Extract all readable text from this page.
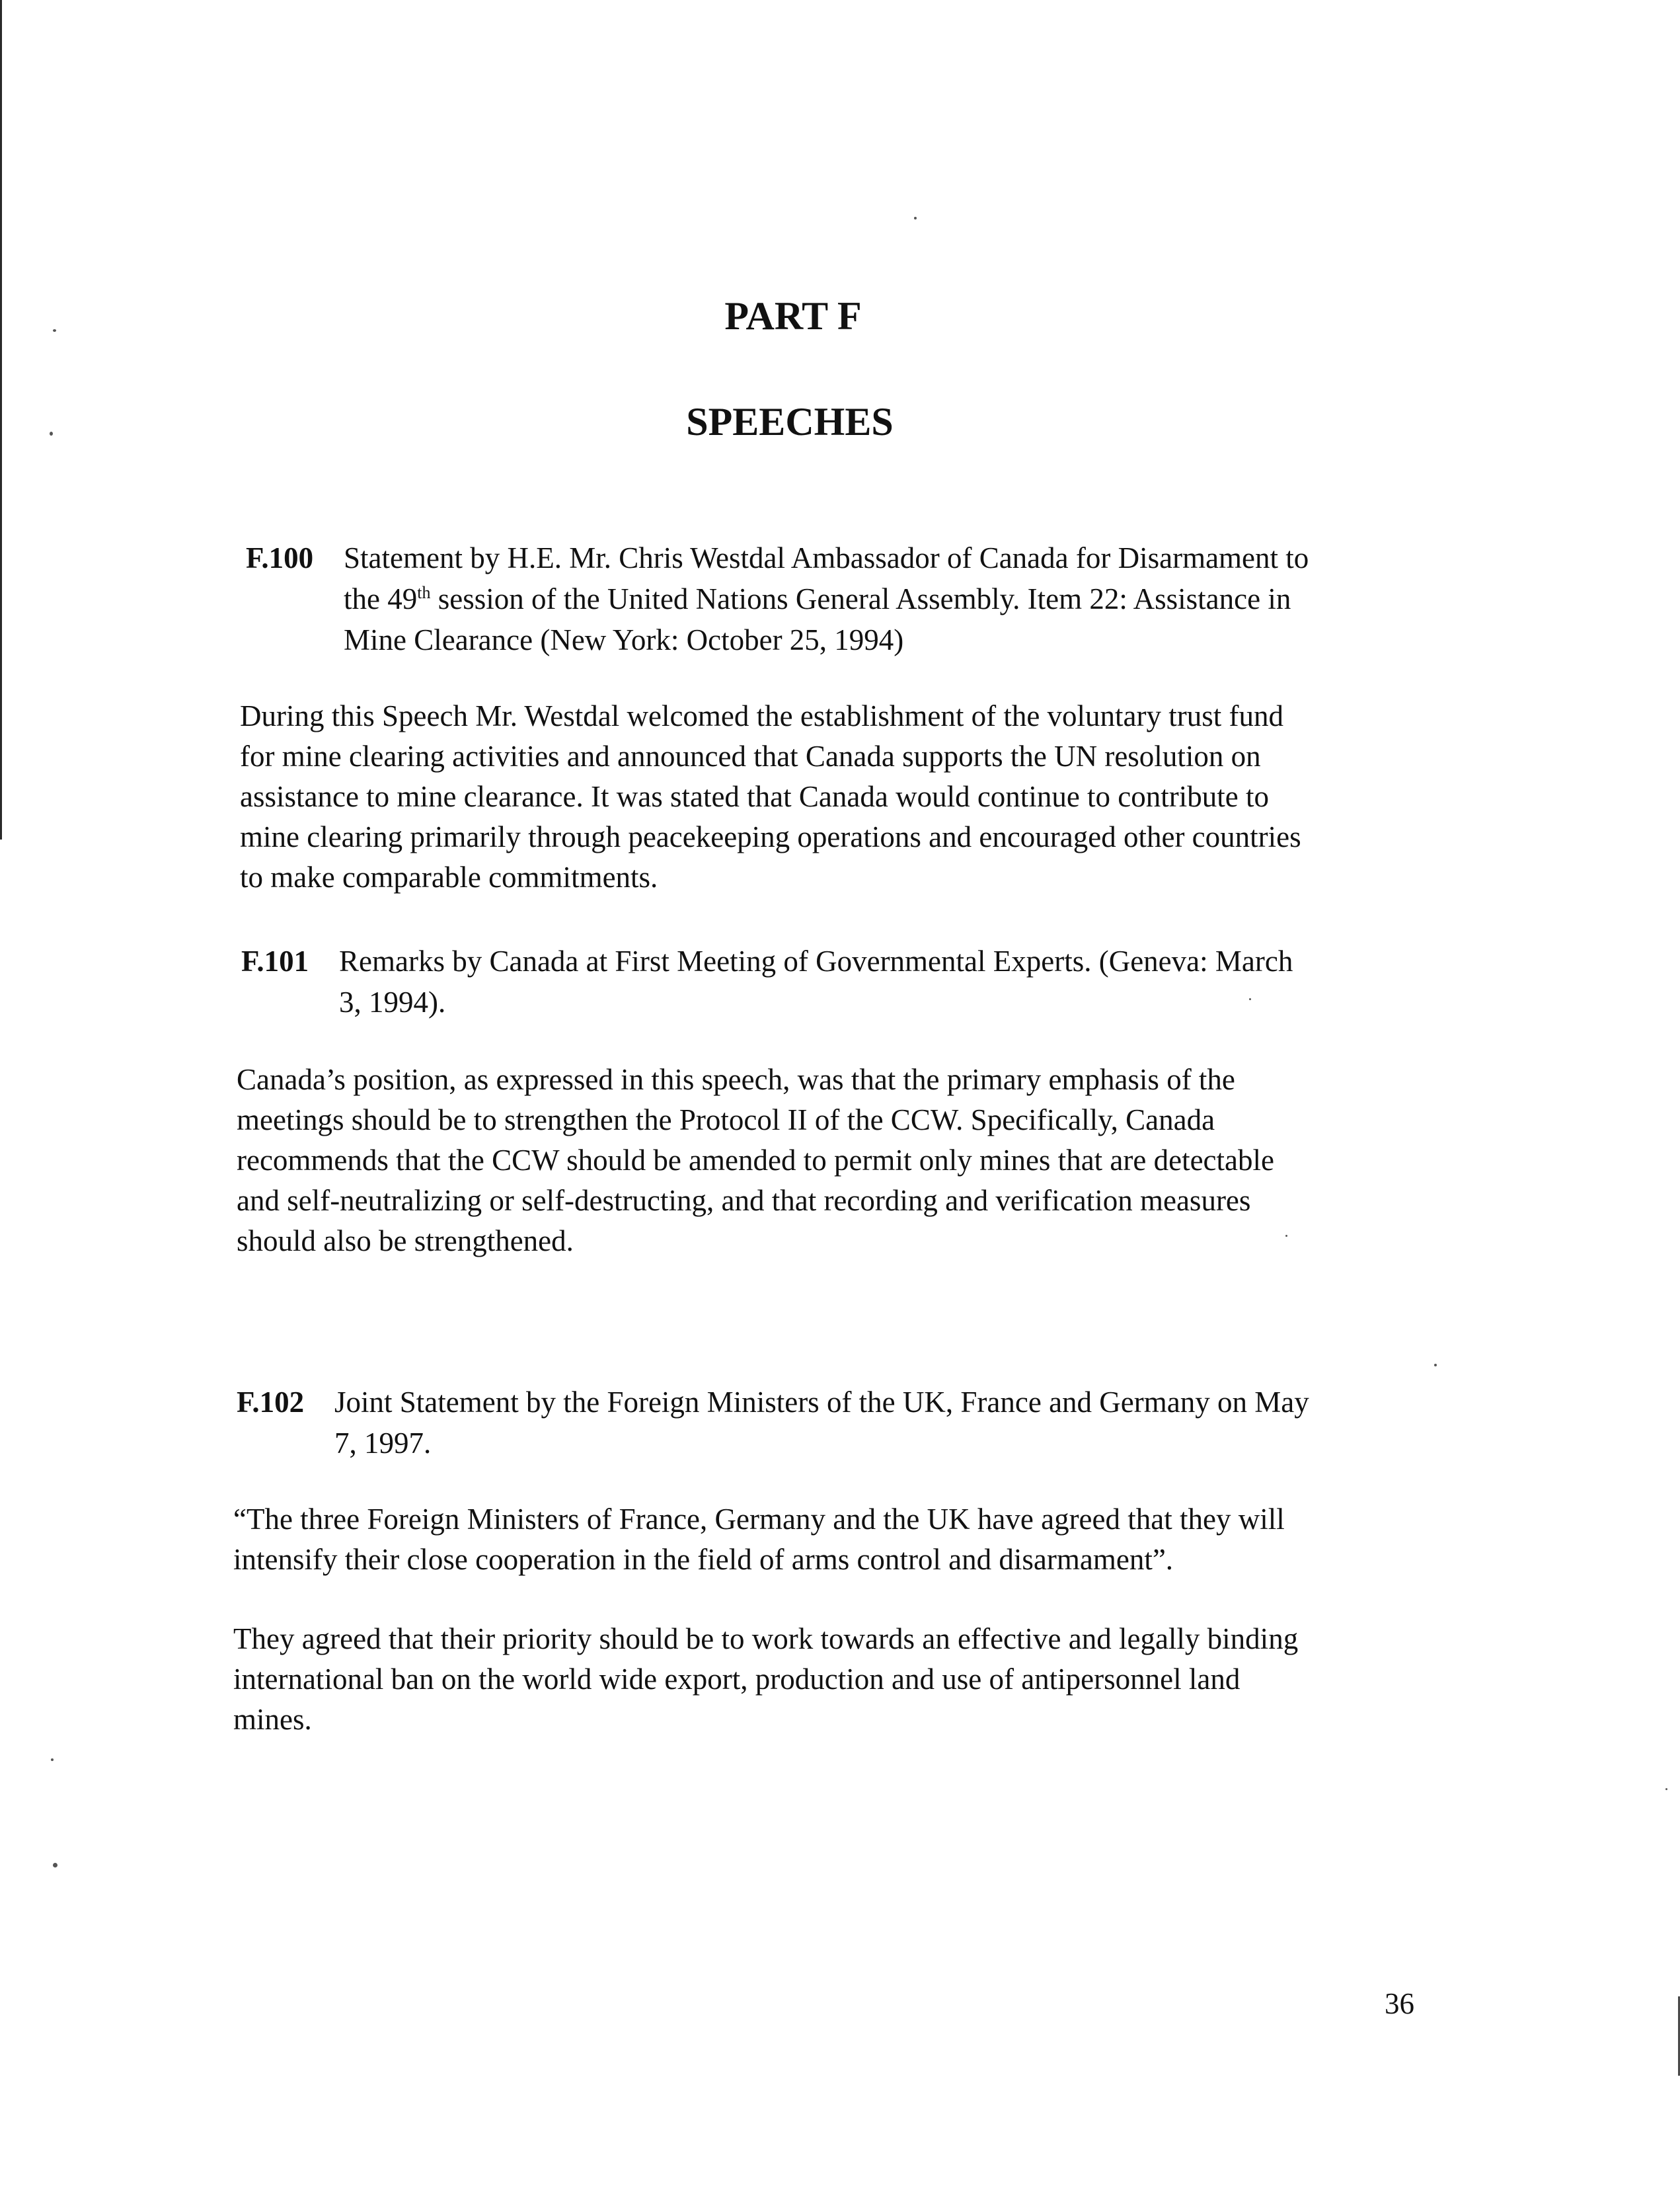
PART F
SPEECHES
F.100 Statement by H.E. Mr. Chris Westdal Ambassador of Canada for Disarmament to
the 49th session of the United Nations General Assembly. Item 22: Assistance in
Mine Clearance (New York: October 25, 1994)
During this Speech Mr. Westdal welcomed the establishment of the voluntary trust fund
for mine clearing activities and announced that Canada supports the UN resolution on
assistance to mine clearance. It was stated that Canada would continue to contribute to
mine clearing primarily through peacekeeping operations and encouraged other countries
to make comparable commitments.
F.101 Remarks by Canada at First Meeting of Governmental Experts. (Geneva: March
3, 1994).
Canada’s position, as expressed in this speech, was that the primary emphasis of the
meetings should be to strengthen the Protocol II of the CCW. Specifically, Canada
recommends that the CCW should be amended to permit only mines that are detectable
and self-neutralizing or self-destructing, and that recording and verification measures
should also be strengthened.
F.102 Joint Statement by the Foreign Ministers of the UK, France and Germany on May
7, 1997.
“The three Foreign Ministers of France, Germany and the UK have agreed that they will
intensify their close cooperation in the field of arms control and disarmament”.
They agreed that their priority should be to work towards an effective and legally binding
international ban on the world wide export, production and use of antipersonnel land
mines.
36
